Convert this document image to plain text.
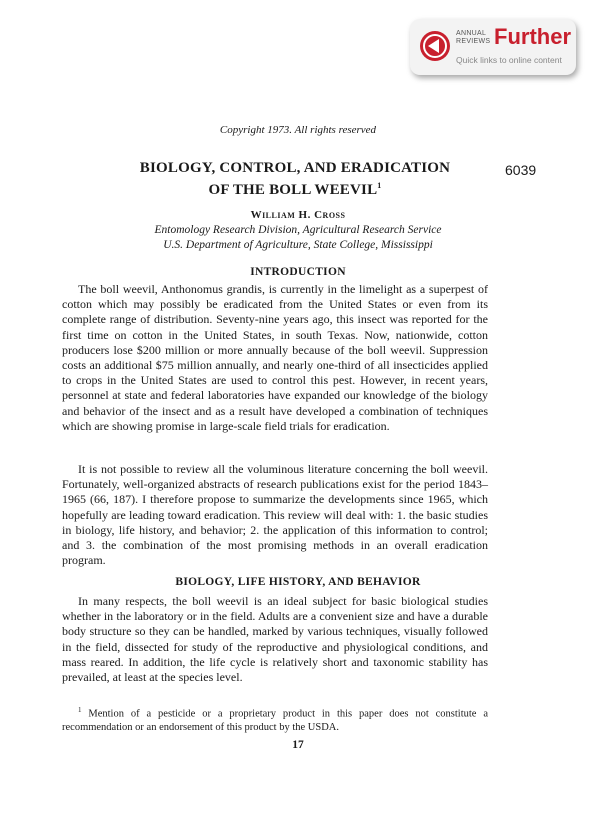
ANNUAL
REVIEWS Further
Quick links to online content
Copyright 1973. All rights reserved
BIOLOGY, CONTROL, AND ERADICATION
OF THE BOLL WEEVIL$^1$
6039
William H. Cross
Entomology Research Division, Agricultural Research Service
U.S. Department of Agriculture, State College, Mississippi
INTRODUCTION

The boll weevil, Anthonomus grandis, is currently in the limelight as a superpest of cotton which may possibly be eradicated from the United States or even from its complete range of distribution. Seventy-nine years ago, this insect was reported for the first time on cotton in the United States, in south Texas. Now, nationwide, cotton producers lose $200 million or more annually because of the boll weevil. Suppression costs an additional $75 million annually, and nearly one-third of all insecticides applied to crops in the United States are used to control this pest. However, in recent years, personnel at state and federal laboratories have expanded our knowledge of the biology and behavior of the insect and as a result have developed a combination of techniques which are showing promise in large-scale field trials for eradication.

It is not possible to review all the voluminous literature concerning the boll weevil. Fortunately, well-organized abstracts of research publications exist for the period 1843–1965 (66, 187). I therefore propose to summarize the developments since 1965, which hopefully are leading toward eradication. This review will deal with: 1. the basic studies in biology, life history, and behavior; 2. the application of this information to control; and 3. the combination of the most promising methods in an overall eradication program.

BIOLOGY, LIFE HISTORY, AND BEHAVIOR

In many respects, the boll weevil is an ideal subject for basic biological studies whether in the laboratory or in the field. Adults are a convenient size and have a durable body structure so they can be handled, marked by various techniques, visually followed in the field, dissected for study of the reproductive and physiological conditions, and mass reared. In addition, the life cycle is relatively short and taxonomic stability has prevailed, at least at the species level.

$^1$ Mention of a pesticide or a proprietary product in this paper does not constitute a recommendation or an endorsement of this product by the USDA.

17
